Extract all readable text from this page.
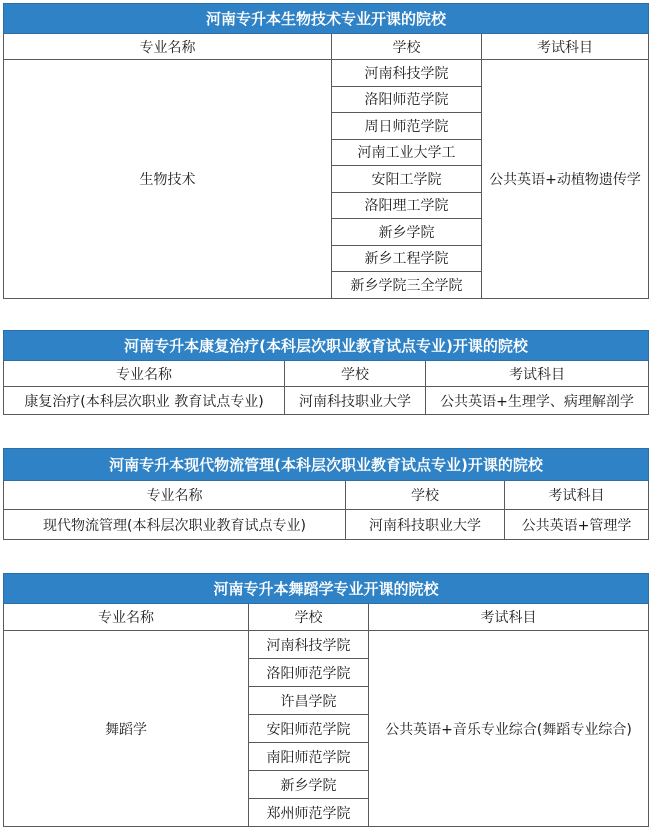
河南专升本生物技术专业开课的院校		
专业名称	学校	考试科目
生物技术	河南科技学院	公共英语+动植物遗传学
	洛阳师范学院	
	周日师范学院	
	河南工业大学工	
	安阳工学院	
	洛阳理工学院	
	新乡学院	
	新乡工程学院	
	新乡学院三全学院	
河南专升本康复治疗(本科层次职业教育试点专业)开课的院校		
专业名称	学校	考试科目
康复治疗(本科层次职业 教育试点专业)	河南科技职业大学	公共英语+生理学、病理解剖学
河南专升本现代物流管理(本科层次职业教育试点专业)开课的院校		
专业名称	学校	考试科目
现代物流管理(本科层次职业教育试点专业)	河南科技职业大学	公共英语+管理学
河南专升本舞蹈学专业开课的院校		
专业名称	学校	考试科目
舞蹈学	河南科技学院	公共英语+音乐专业综合(舞蹈专业综合)
	洛阳师范学院	
	许昌学院	
	安阳师范学院	
	南阳师范学院	
	新乡学院	
	郑州师范学院	
